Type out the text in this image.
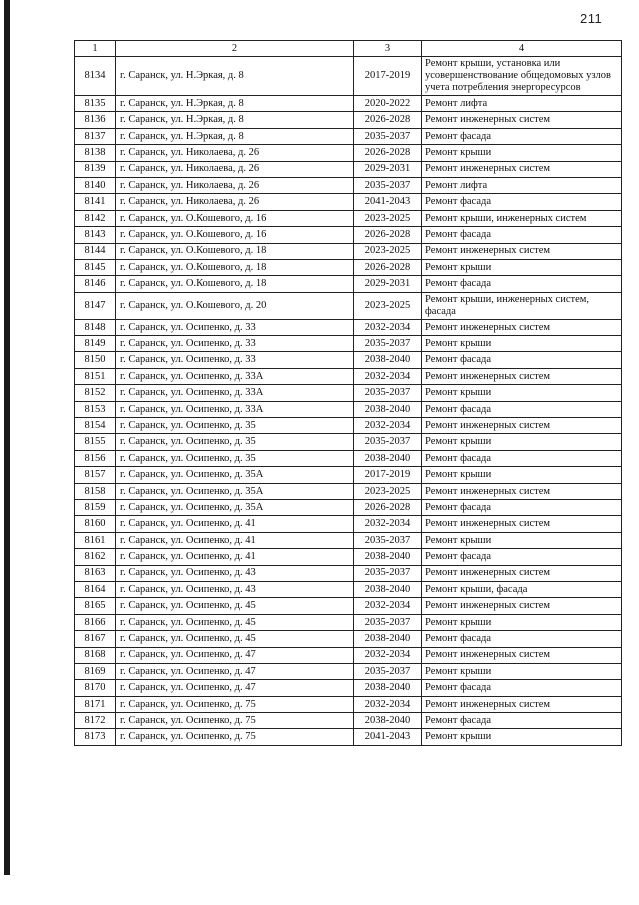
211
1	2	3	4
8134	г. Саранск, ул. Н.Эркая, д. 8	2017-2019	Ремонт крыши, установка или усовершенствование общедомовых узлов учета потребления энергоресурсов
8135	г. Саранск, ул. Н.Эркая, д. 8	2020-2022	Ремонт лифта
8136	г. Саранск, ул. Н.Эркая, д. 8	2026-2028	Ремонт инженерных систем
8137	г. Саранск, ул. Н.Эркая, д. 8	2035-2037	Ремонт фасада
8138	г. Саранск, ул. Николаева, д. 26	2026-2028	Ремонт крыши
8139	г. Саранск, ул. Николаева, д. 26	2029-2031	Ремонт инженерных систем
8140	г. Саранск, ул. Николаева, д. 26	2035-2037	Ремонт лифта
8141	г. Саранск, ул. Николаева, д. 26	2041-2043	Ремонт фасада
8142	г. Саранск, ул. О.Кошевого, д. 16	2023-2025	Ремонт крыши, инженерных систем
8143	г. Саранск, ул. О.Кошевого, д. 16	2026-2028	Ремонт фасада
8144	г. Саранск, ул. О.Кошевого, д. 18	2023-2025	Ремонт инженерных систем
8145	г. Саранск, ул. О.Кошевого, д. 18	2026-2028	Ремонт крыши
8146	г. Саранск, ул. О.Кошевого, д. 18	2029-2031	Ремонт фасада
8147	г. Саранск, ул. О.Кошевого, д. 20	2023-2025	Ремонт крыши, инженерных систем, фасада
8148	г. Саранск, ул. Осипенко, д. 33	2032-2034	Ремонт инженерных систем
8149	г. Саранск, ул. Осипенко, д. 33	2035-2037	Ремонт крыши
8150	г. Саранск, ул. Осипенко, д. 33	2038-2040	Ремонт фасада
8151	г. Саранск, ул. Осипенко, д. 33А	2032-2034	Ремонт инженерных систем
8152	г. Саранск, ул. Осипенко, д. 33А	2035-2037	Ремонт крыши
8153	г. Саранск, ул. Осипенко, д. 33А	2038-2040	Ремонт фасада
8154	г. Саранск, ул. Осипенко, д. 35	2032-2034	Ремонт инженерных систем
8155	г. Саранск, ул. Осипенко, д. 35	2035-2037	Ремонт крыши
8156	г. Саранск, ул. Осипенко, д. 35	2038-2040	Ремонт фасада
8157	г. Саранск, ул. Осипенко, д. 35А	2017-2019	Ремонт крыши
8158	г. Саранск, ул. Осипенко, д. 35А	2023-2025	Ремонт инженерных систем
8159	г. Саранск, ул. Осипенко, д. 35А	2026-2028	Ремонт фасада
8160	г. Саранск, ул. Осипенко, д. 41	2032-2034	Ремонт инженерных систем
8161	г. Саранск, ул. Осипенко, д. 41	2035-2037	Ремонт крыши
8162	г. Саранск, ул. Осипенко, д. 41	2038-2040	Ремонт фасада
8163	г. Саранск, ул. Осипенко, д. 43	2035-2037	Ремонт инженерных систем
8164	г. Саранск, ул. Осипенко, д. 43	2038-2040	Ремонт крыши, фасада
8165	г. Саранск, ул. Осипенко, д. 45	2032-2034	Ремонт инженерных систем
8166	г. Саранск, ул. Осипенко, д. 45	2035-2037	Ремонт крыши
8167	г. Саранск, ул. Осипенко, д. 45	2038-2040	Ремонт фасада
8168	г. Саранск, ул. Осипенко, д. 47	2032-2034	Ремонт инженерных систем
8169	г. Саранск, ул. Осипенко, д. 47	2035-2037	Ремонт крыши
8170	г. Саранск, ул. Осипенко, д. 47	2038-2040	Ремонт фасада
8171	г. Саранск, ул. Осипенко, д. 75	2032-2034	Ремонт инженерных систем
8172	г. Саранск, ул. Осипенко, д. 75	2038-2040	Ремонт фасада
8173	г. Саранск, ул. Осипенко, д. 75	2041-2043	Ремонт крыши
